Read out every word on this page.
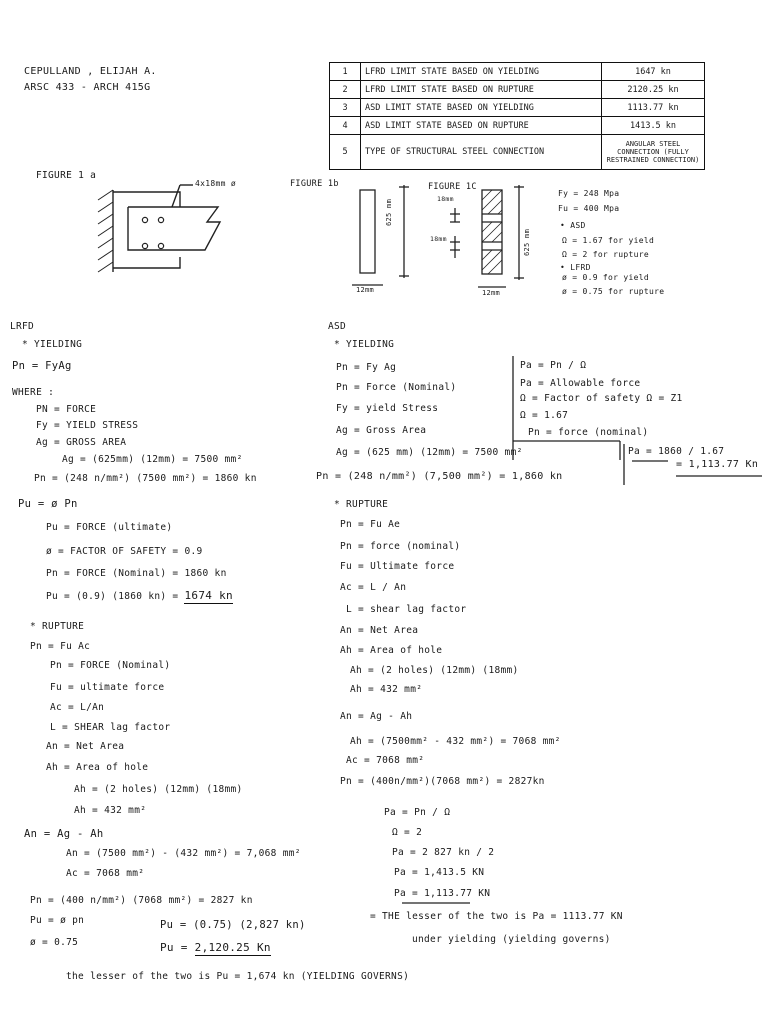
CEPULLAND , ELIJAH A.
ARSC 433 - ARCH 415G
1	LFRD LIMIT STATE BASED ON YIELDING	1647 kn
2	LFRD LIMIT STATE BASED ON RUPTURE	2120.25 kn
3	ASD LIMIT STATE BASED ON YIELDING	1113.77 kn
4	ASD LIMIT STATE BASED ON RUPTURE	1413.5 kn
5	TYPE OF STRUCTURAL STEEL CONNECTION	ANGULAR STEEL CONNECTION (FULLY RESTRAINED CONNECTION)
FIGURE 1 a
4x18mm ø	FIGURE 1b
625 mm
12mm
FIGURE 1C
18mm
18mm	625 mm
12mm
Fy = 248 Mpa
Fu = 400 Mpa
• ASD
Ω = 1.67 for yield
Ω = 2 for rupture
• LFRD
ø = 0.9 for yield
ø = 0.75 for rupture
LRFD
* YIELDING
Pn = FyAg
WHERE :
PN = FORCE
Fy = YIELD STRESS
Ag = GROSS AREA
Ag = (625mm) (12mm) = 7500 mm²
Pn = (248 n/mm²) (7500 mm²) = 1860 kn
Pu = ø Pn
Pu = FORCE (ultimate)
ø = FACTOR OF SAFETY = 0.9
Pn = FORCE (Nominal) = 1860 kn
Pu = (0.9) (1860 kn) = 1674 kn
* RUPTURE
Pn = Fu Ac
Pn = FORCE (Nominal)
Fu = ultimate force
Ac = L/An
L = SHEAR lag factor
An = Net Area
Ah = Area of hole
Ah = (2 holes) (12mm) (18mm)
Ah = 432 mm²
An = Ag - Ah
An = (7500 mm²) - (432 mm²) = 7,068 mm²
Ac = 7068 mm²
Pn = (400 n/mm²) (7068 mm²) = 2827 kn
Pu = ø pn
ø = 0.75
Pu = (0.75) (2,827 kn)
Pu = 2,120.25 Kn
the lesser of the two is Pu = 1,674 kn (YIELDING GOVERNS)
ASD
* YIELDING
Pn = Fy Ag
Pn = Force (Nominal)
Fy = yield Stress
Ag = Gross Area
Ag = (625 mm) (12mm) = 7500 mm²
Pn = (248 n/mm²) (7,500 mm²) = 1,860 kn
Pa = Pn / Ω
Pa = Allowable force
Ω = Factor of safety Ω = Z1
Ω = 1.67
Pn = force (nominal)
Pa = 1860 / 1.67
= 1,113.77 Kn
* RUPTURE
Pn = Fu Ae
Pn = force (nominal)
Fu = Ultimate force
Ac = L / An
L = shear lag factor
An = Net Area
Ah = Area of hole
Ah = (2 holes) (12mm) (18mm)
Ah = 432 mm²
An = Ag - Ah
Ah = (7500mm² - 432 mm²) = 7068 mm²
Ac = 7068 mm²
Pn = (400n/mm²)(7068 mm²) = 2827kn
Pa = Pn / Ω
Ω = 2
Pa = 2 827 kn / 2
Pa = 1,413.5 KN
Pa = 1,113.77 KN
= THE lesser of the two is Pa = 1113.77 KN
under yielding (yielding governs)
